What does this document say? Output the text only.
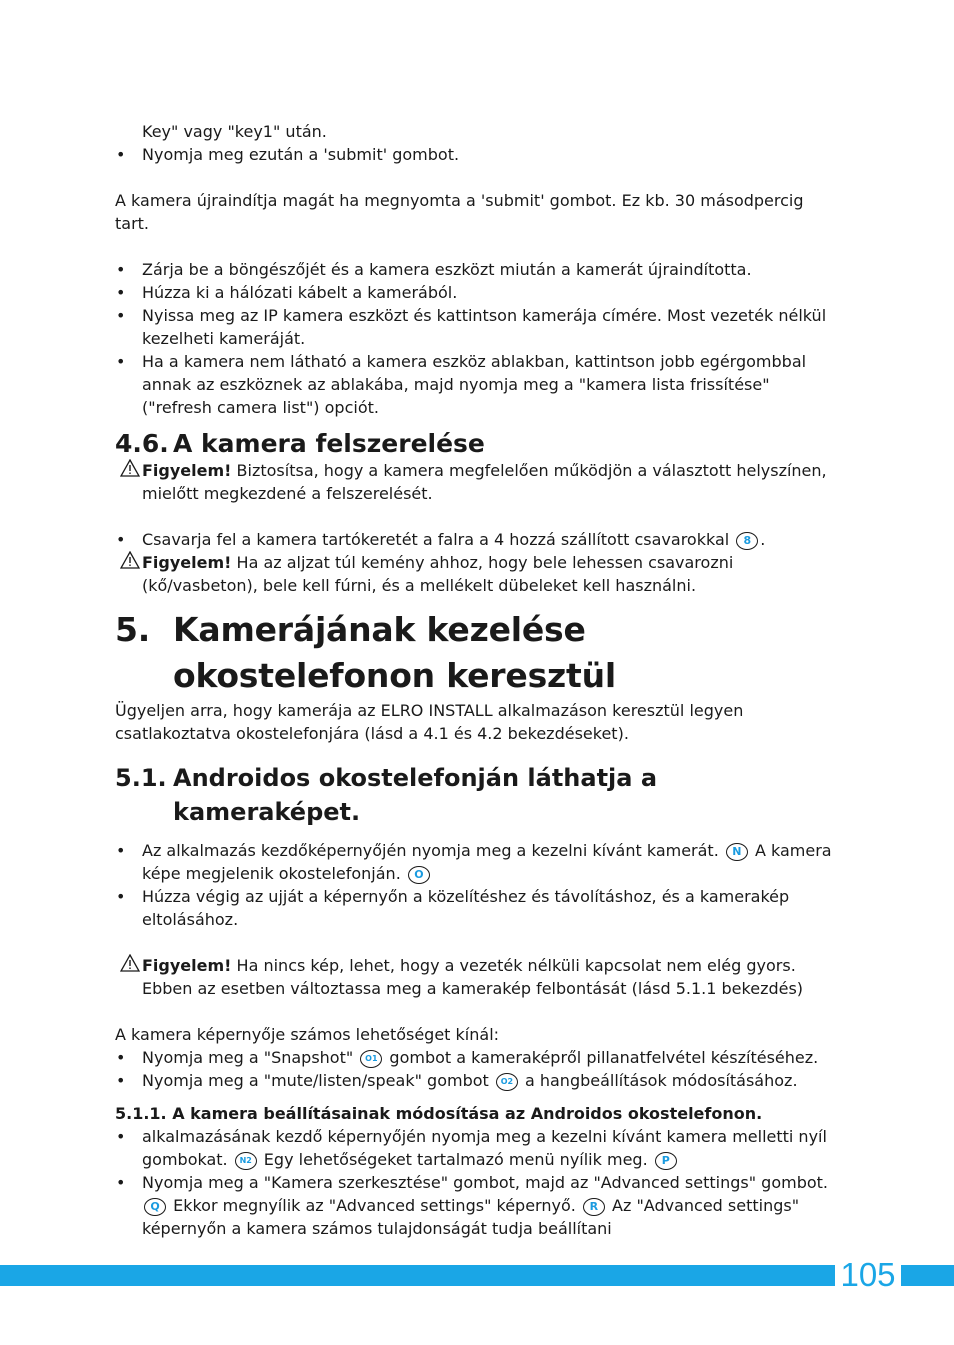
Key" vagy "key1" után.

• Nyomja meg ezután a 'submit' gombot.

A kamera újraindítja magát ha megnyomta a 'submit' gombot. Ez kb. 30 másodpercig tart.

• Zárja be a böngészőjét és a kamera eszközt miután a kamerát újraindította.

• Húzza ki a hálózati kábelt a kamerából.

• Nyissa meg az IP kamera eszközt és kattintson kamerája címére. Most vezeték nélkül kezelheti kameráját.

• Ha a kamera nem látható a kamera eszköz ablakban, kattintson jobb egérgombbal annak az eszköznek az ablakába, majd nyomja meg a "kamera lista frissítése" ("refresh camera list") opciót.

4.6. A kamera felszerelése

Figyelem! Biztosítsa, hogy a kamera megfelelően működjön a választott helyszínen, mielőtt megkezdené a felszerelését.

• Csavarja fel a kamera tartókeretét a falra a 4 hozzá szállított csavarokkal 8 .

Figyelem! Ha az aljzat túl kemény ahhoz, hogy bele lehessen csavarozni (kő/vasbeton), bele kell fúrni, és a mellékelt dübeleket kell használni.

5. Kamerájának kezelése okostelefonon keresztül

Ügyeljen arra, hogy kamerája az ELRO INSTALL alkalmazáson keresztül legyen csatlakoztatva okostelefonjára (lásd a 4.1 és 4.2 bekezdéseket).

5.1. Androidos okostelefonján láthatja a kameraképet.

• Az alkalmazás kezdőképernyőjén nyomja meg a kezelni kívánt kamerát. N A kamera képe megjelenik okostelefonján. O

• Húzza végig az ujját a képernyőn a közelítéshez és távolításhoz, és a kamerakép eltolásához.

Figyelem! Ha nincs kép, lehet, hogy a vezeték nélküli kapcsolat nem elég gyors. Ebben az esetben változtassa meg a kamerakép felbontását (lásd 5.1.1 bekezdés)

A kamera képernyője számos lehetőséget kínál:

• Nyomja meg a "Snapshot" O1 gombot a kameraképről pillanatfelvétel készítéséhez.

• Nyomja meg a "mute/listen/speak" gombot O2 a hangbeállítások módosításához.

5.1.1. A kamera beállításainak módosítása az Androidos okostelefonon.

• alkalmazásának kezdő képernyőjén nyomja meg a kezelni kívánt kamera melletti nyíl gombokat. N2 Egy lehetőségeket tartalmazó menü nyílik meg. P

• Nyomja meg a "Kamera szerkesztése" gombot, majd az "Advanced settings" gombot. Q Ekkor megnyílik az "Advanced settings" képernyő. R Az "Advanced settings" képernyőn a kamera számos tulajdonságát tudja beállítani

105
